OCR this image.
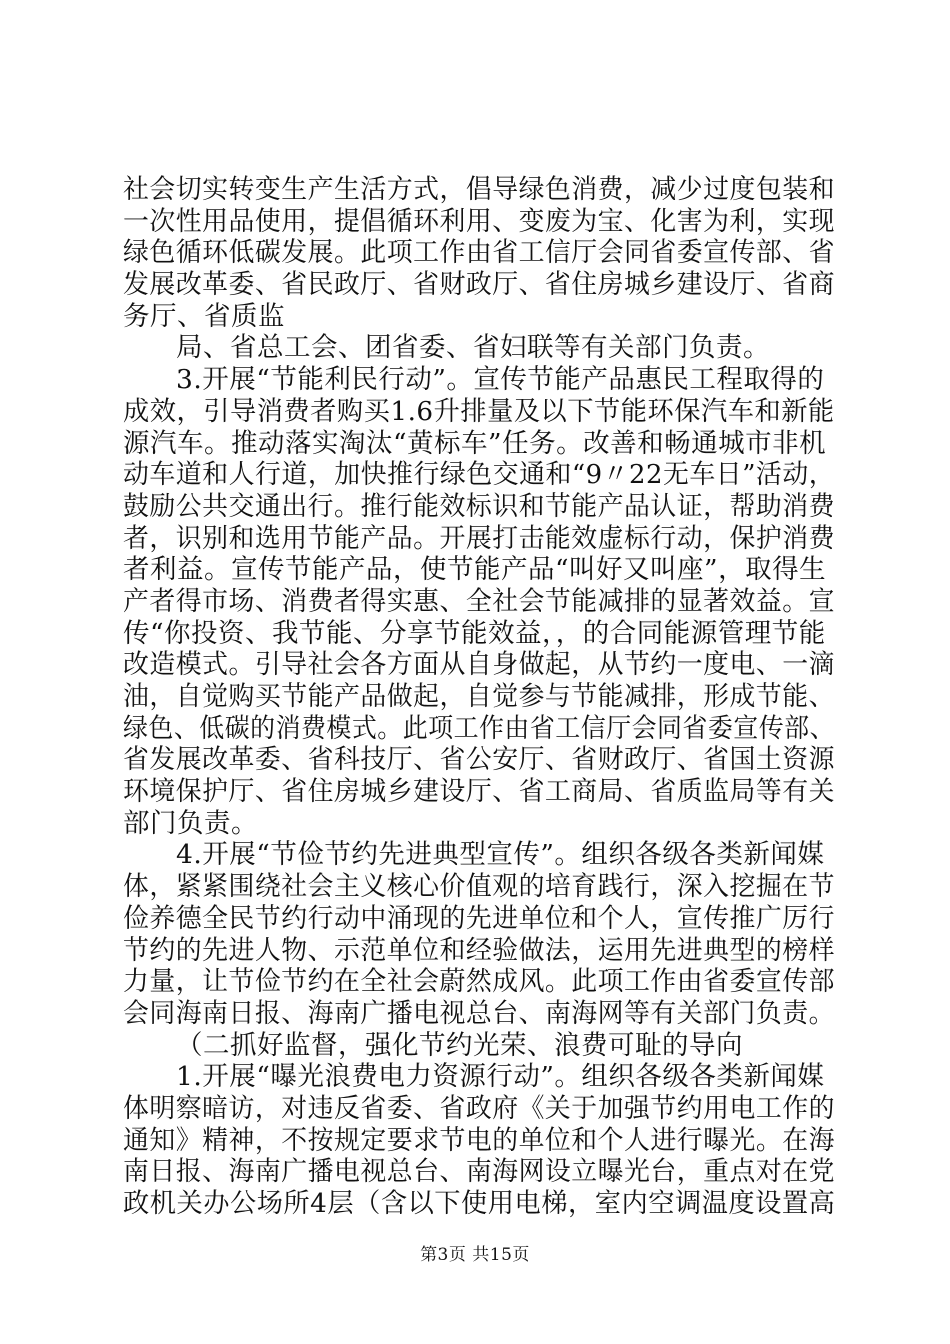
社会切实转变生产生活方式，倡导绿色消费，减少过度包装和
一次性用品使用，提倡循环利用、变废为宝、化害为利，实现
绿色循环低碳发展。此项工作由省工信厅会同省委宣传部、省
发展改革委、省民政厅、省财政厅、省住房城乡建设厅、省商
务厅、省质监
局、省总工会、团省委、省妇联等有关部门负责。
3.开展“节能利民行动”。宣传节能产品惠民工程取得的
成效，引导消费者购买1.6升排量及以下节能环保汽车和新能
源汽车。推动落实淘汰“黄标车”任务。改善和畅通城市非机
动车道和人行道，加快推行绿色交通和“9〃22无车日”活动，
鼓励公共交通出行。推行能效标识和节能产品认证，帮助消费
者，识别和选用节能产品。开展打击能效虚标行动，保护消费
者利益。宣传节能产品，使节能产品“叫好又叫座”，取得生
产者得市场、消费者得实惠、全社会节能减排的显著效益。宣
传“你投资、我节能、分享节能效益，，的合同能源管理节能
改造模式。引导社会各方面从自身做起，从节约一度电、一滴
油，自觉购买节能产品做起，自觉参与节能减排，形成节能、
绿色、低碳的消费模式。此项工作由省工信厅会同省委宣传部、
省发展改革委、省科技厅、省公安厅、省财政厅、省国土资源
环境保护厅、省住房城乡建设厅、省工商局、省质监局等有关
部门负责。
4.开展“节俭节约先进典型宣传”。组织各级各类新闻媒
体，紧紧围绕社会主义核心价值观的培育践行，深入挖掘在节
俭养德全民节约行动中涌现的先进单位和个人，宣传推广厉行
节约的先进人物、示范单位和经验做法，运用先进典型的榜样
力量，让节俭节约在全社会蔚然成风。此项工作由省委宣传部
会同海南日报、海南广播电视总台、南海网等有关部门负责。
（二抓好监督，强化节约光荣、浪费可耻的导向
1.开展“曝光浪费电力资源行动”。组织各级各类新闻媒
体明察暗访，对违反省委、省政府《关于加强节约用电工作的
通知》精神，不按规定要求节电的单位和个人进行曝光。在海
南日报、海南广播电视总台、南海网设立曝光台，重点对在党
政机关办公场所4层（含以下使用电梯，室内空调温度设置高
第3页 共15页
